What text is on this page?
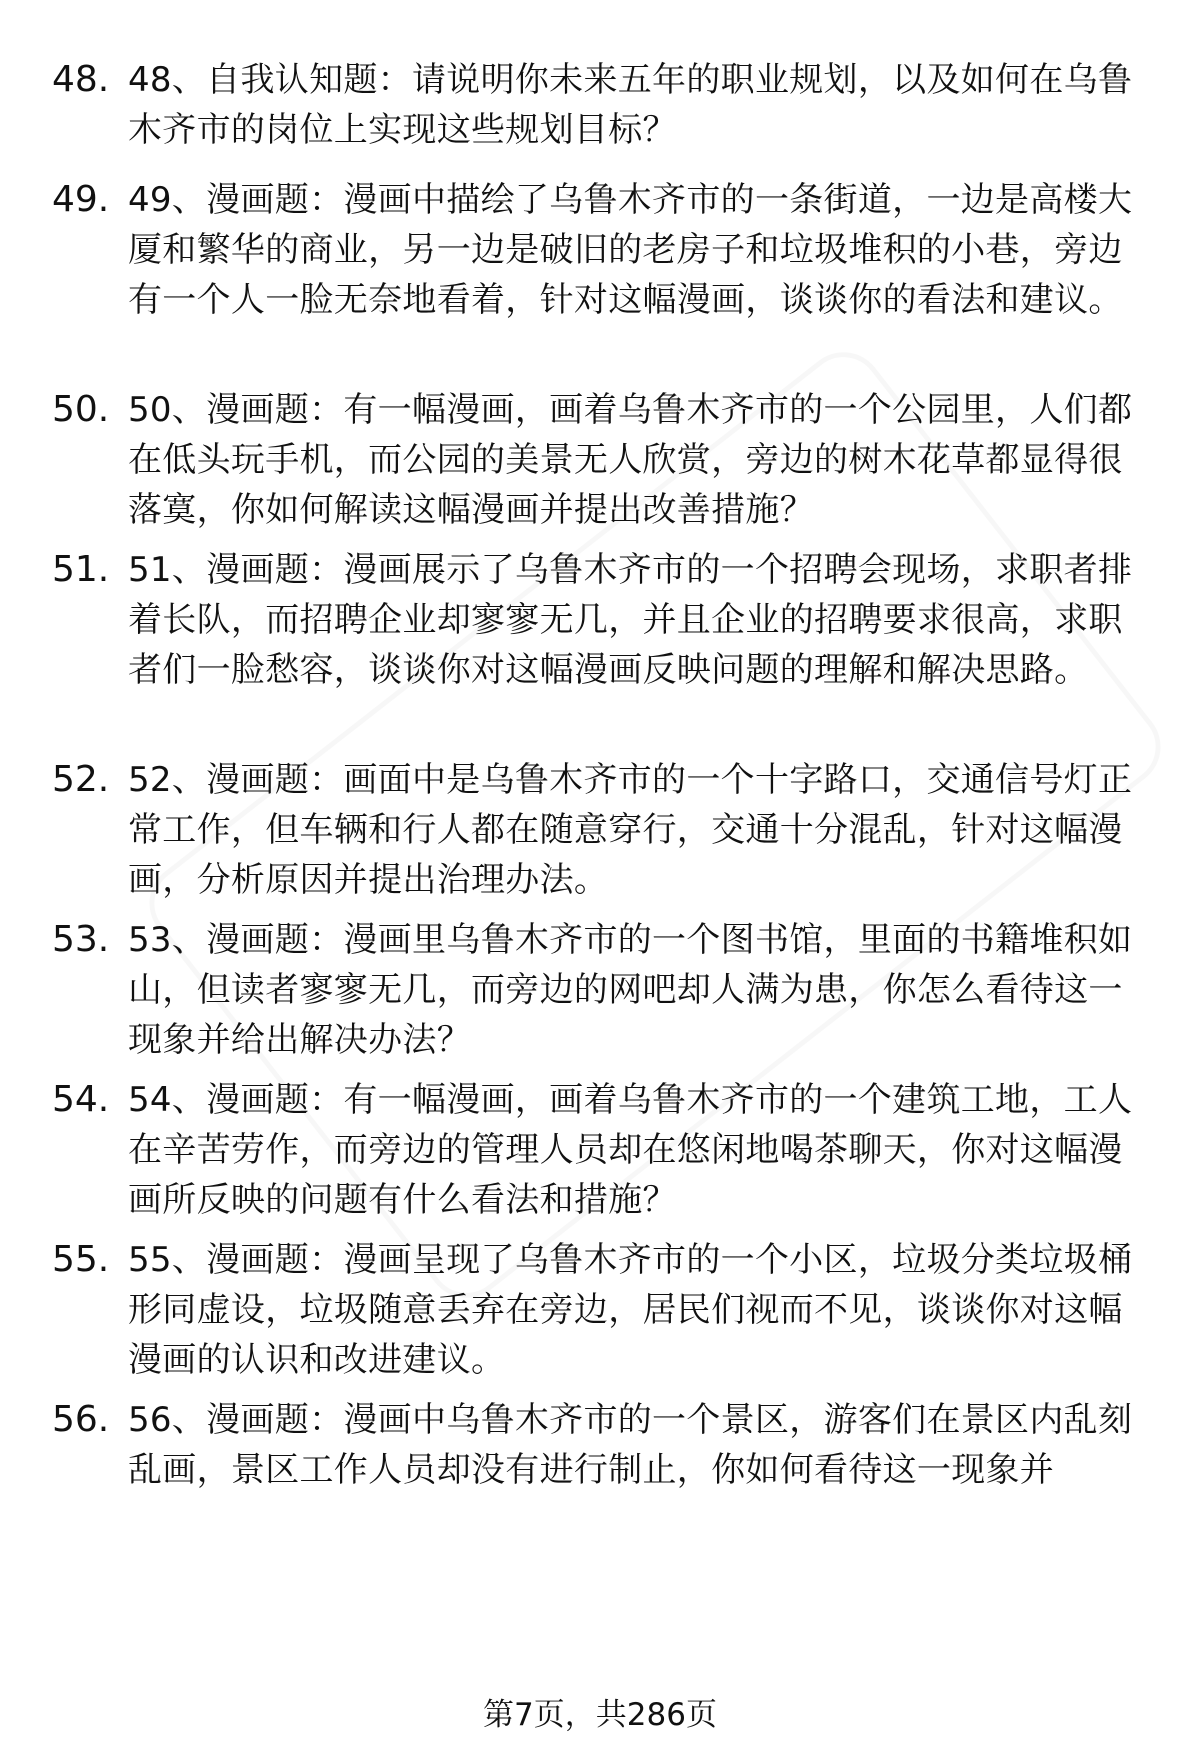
48. 48、自我认知题：请说明你未来五年的职业规划，以及如何在乌鲁木齐市的岗位上实现这些规划目标？
49. 49、漫画题：漫画中描绘了乌鲁木齐市的一条街道，一边是高楼大厦和繁华的商业，另一边是破旧的老房子和垃圾堆积的小巷，旁边有一个人一脸无奈地看着，针对这幅漫画，谈谈你的看法和建议。
50. 50、漫画题：有一幅漫画，画着乌鲁木齐市的一个公园里，人们都在低头玩手机，而公园的美景无人欣赏，旁边的树木花草都显得很落寞，你如何解读这幅漫画并提出改善措施？
51. 51、漫画题：漫画展示了乌鲁木齐市的一个招聘会现场，求职者排着长队，而招聘企业却寥寥无几，并且企业的招聘要求很高，求职者们一脸愁容，谈谈你对这幅漫画反映问题的理解和解决思路。
52. 52、漫画题：画面中是乌鲁木齐市的一个十字路口，交通信号灯正常工作，但车辆和行人都在随意穿行，交通十分混乱，针对这幅漫画，分析原因并提出治理办法。
53. 53、漫画题：漫画里乌鲁木齐市的一个图书馆，里面的书籍堆积如山，但读者寥寥无几，而旁边的网吧却人满为患，你怎么看待这一现象并给出解决办法？
54. 54、漫画题：有一幅漫画，画着乌鲁木齐市的一个建筑工地，工人在辛苦劳作，而旁边的管理人员却在悠闲地喝茶聊天，你对这幅漫画所反映的问题有什么看法和措施？
55. 55、漫画题：漫画呈现了乌鲁木齐市的一个小区，垃圾分类垃圾桶形同虚设，垃圾随意丢弃在旁边，居民们视而不见，谈谈你对这幅漫画的认识和改进建议。
56. 56、漫画题：漫画中乌鲁木齐市的一个景区，游客们在景区内乱刻乱画，景区工作人员却没有进行制止，你如何看待这一现象并
第7页，共286页
